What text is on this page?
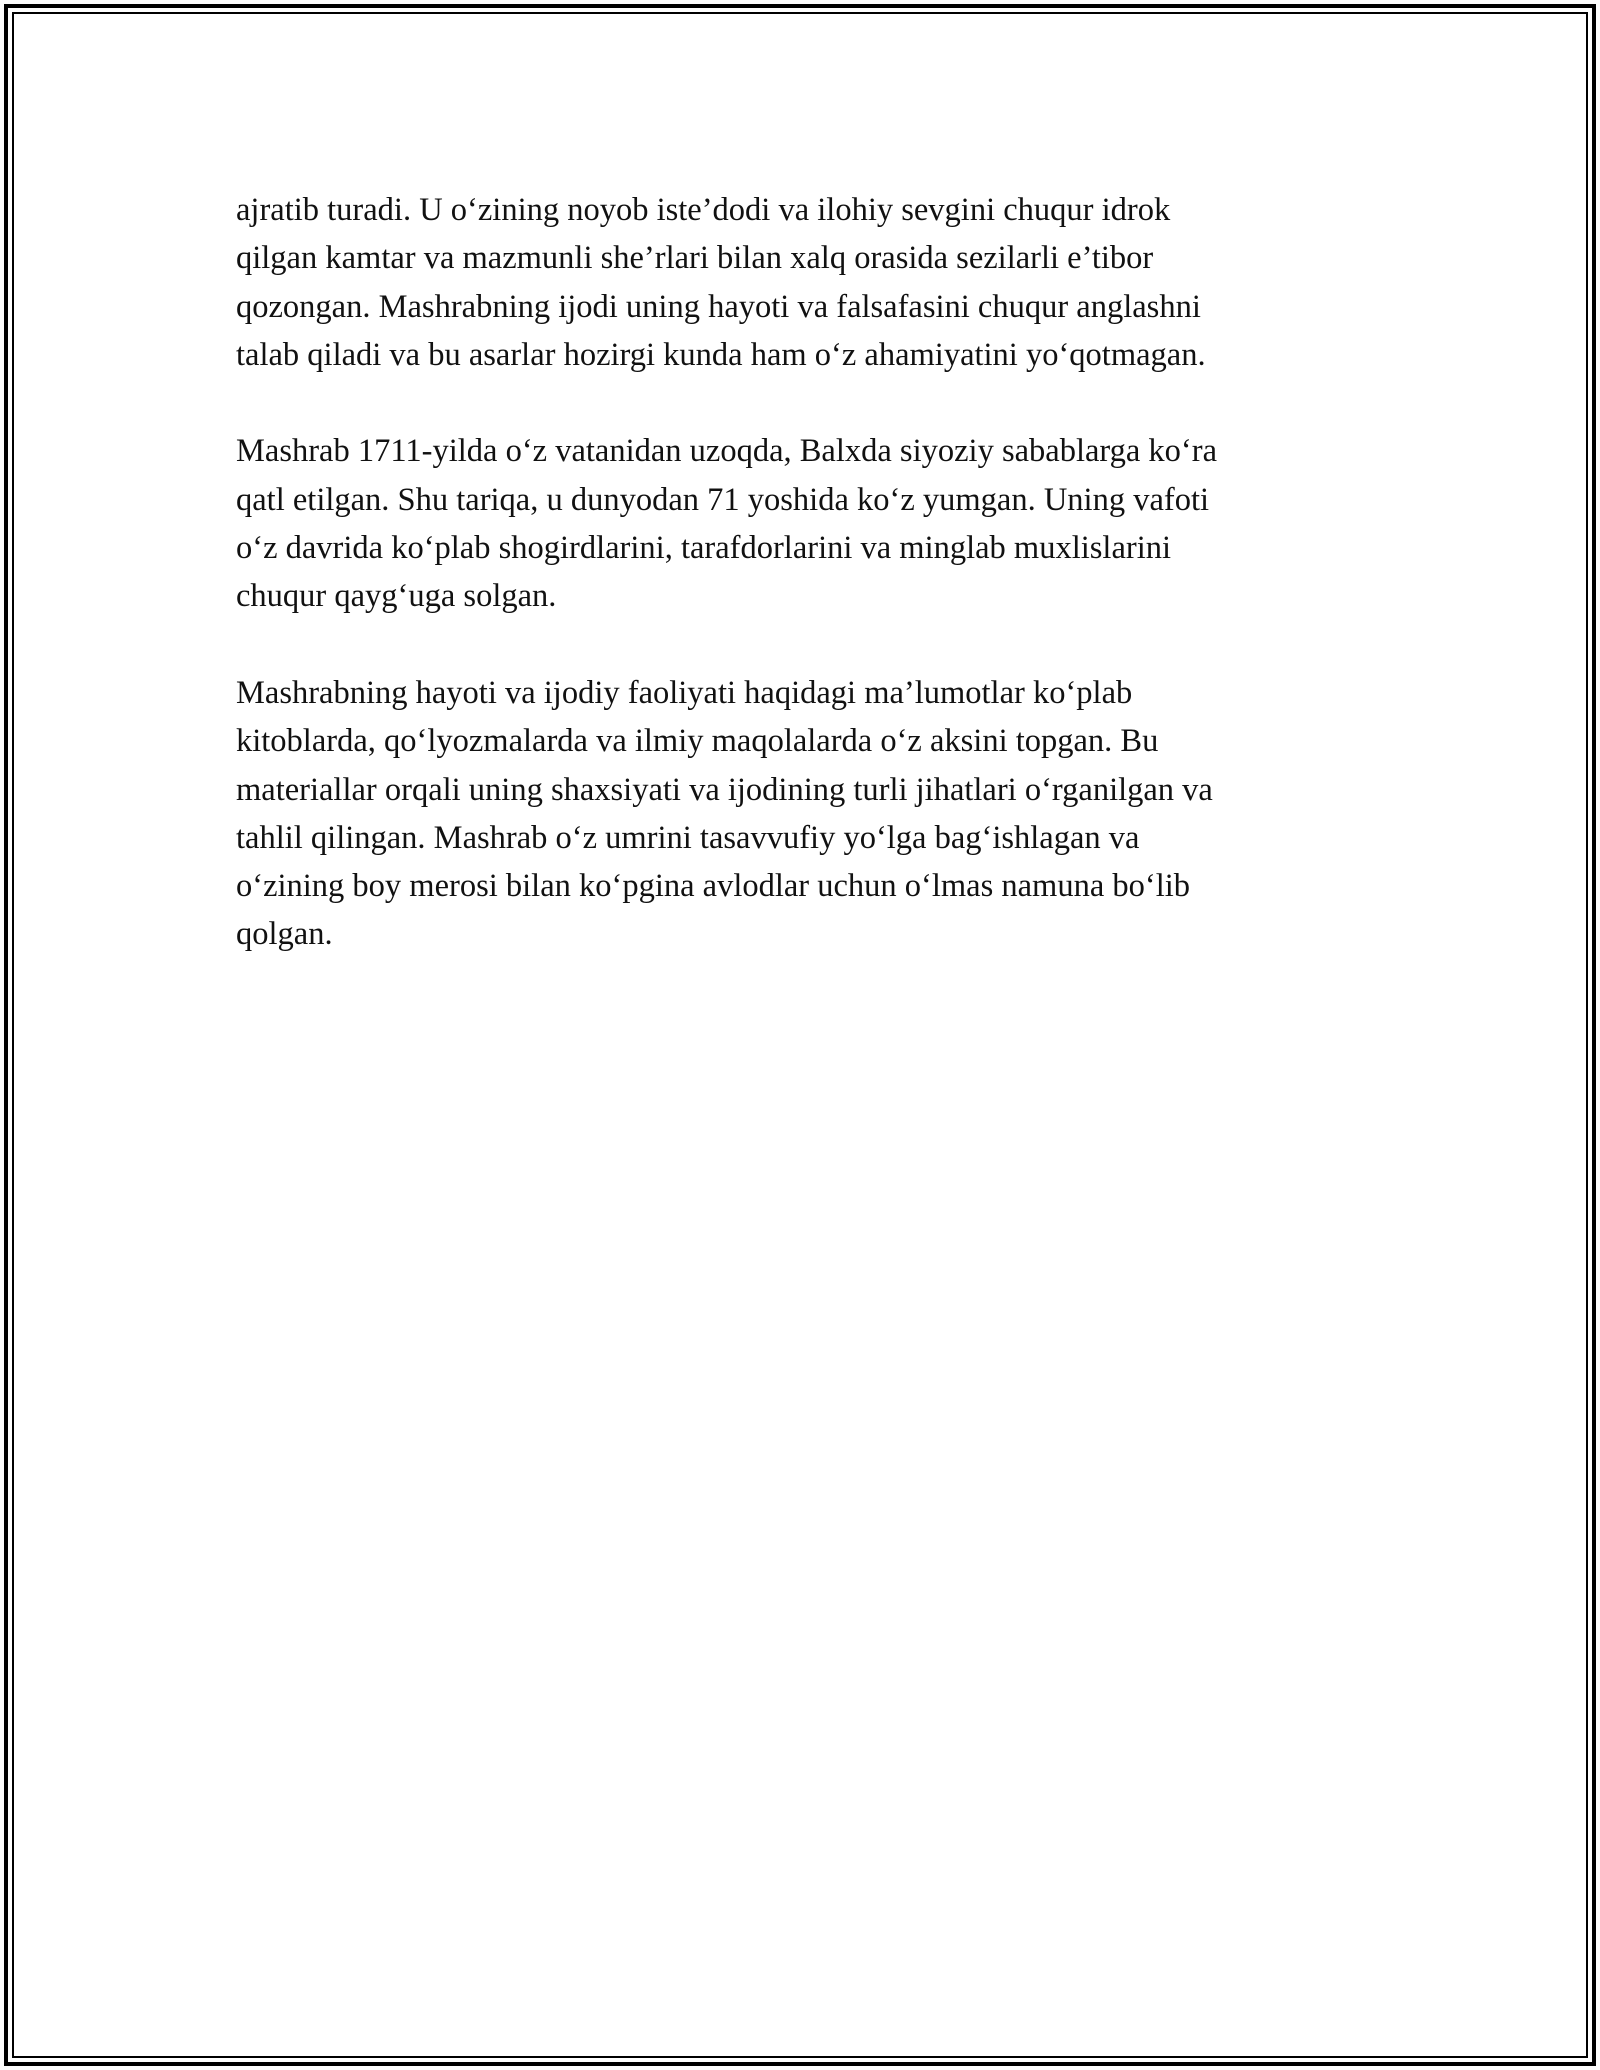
ajratib turadi. U o‘zining noyob iste’dodi va ilohiy sevgini chuqur idrok
qilgan kamtar va mazmunli she’rlari bilan xalq orasida sezilarli e’tibor
qozongan. Mashrabning ijodi uning hayoti va falsafasini chuqur anglashni
talab qiladi va bu asarlar hozirgi kunda ham o‘z ahamiyatini yo‘qotmagan.

Mashrab 1711-yilda o‘z vatanidan uzoqda, Balxda siyoziy sabablarga ko‘ra
qatl etilgan. Shu tariqa, u dunyodan 71 yoshida ko‘z yumgan. Uning vafoti
o‘z davrida ko‘plab shogirdlarini, tarafdorlarini va minglab muxlislarini
chuqur qayg‘uga solgan.

Mashrabning hayoti va ijodiy faoliyati haqidagi ma’lumotlar ko‘plab
kitoblarda, qo‘lyozmalarda va ilmiy maqolalarda o‘z aksini topgan. Bu
materiallar orqali uning shaxsiyati va ijodining turli jihatlari o‘rganilgan va
tahlil qilingan. Mashrab o‘z umrini tasavvufiy yo‘lga bag‘ishlagan va
o‘zining boy merosi bilan ko‘pgina avlodlar uchun o‘lmas namuna bo‘lib
qolgan.
